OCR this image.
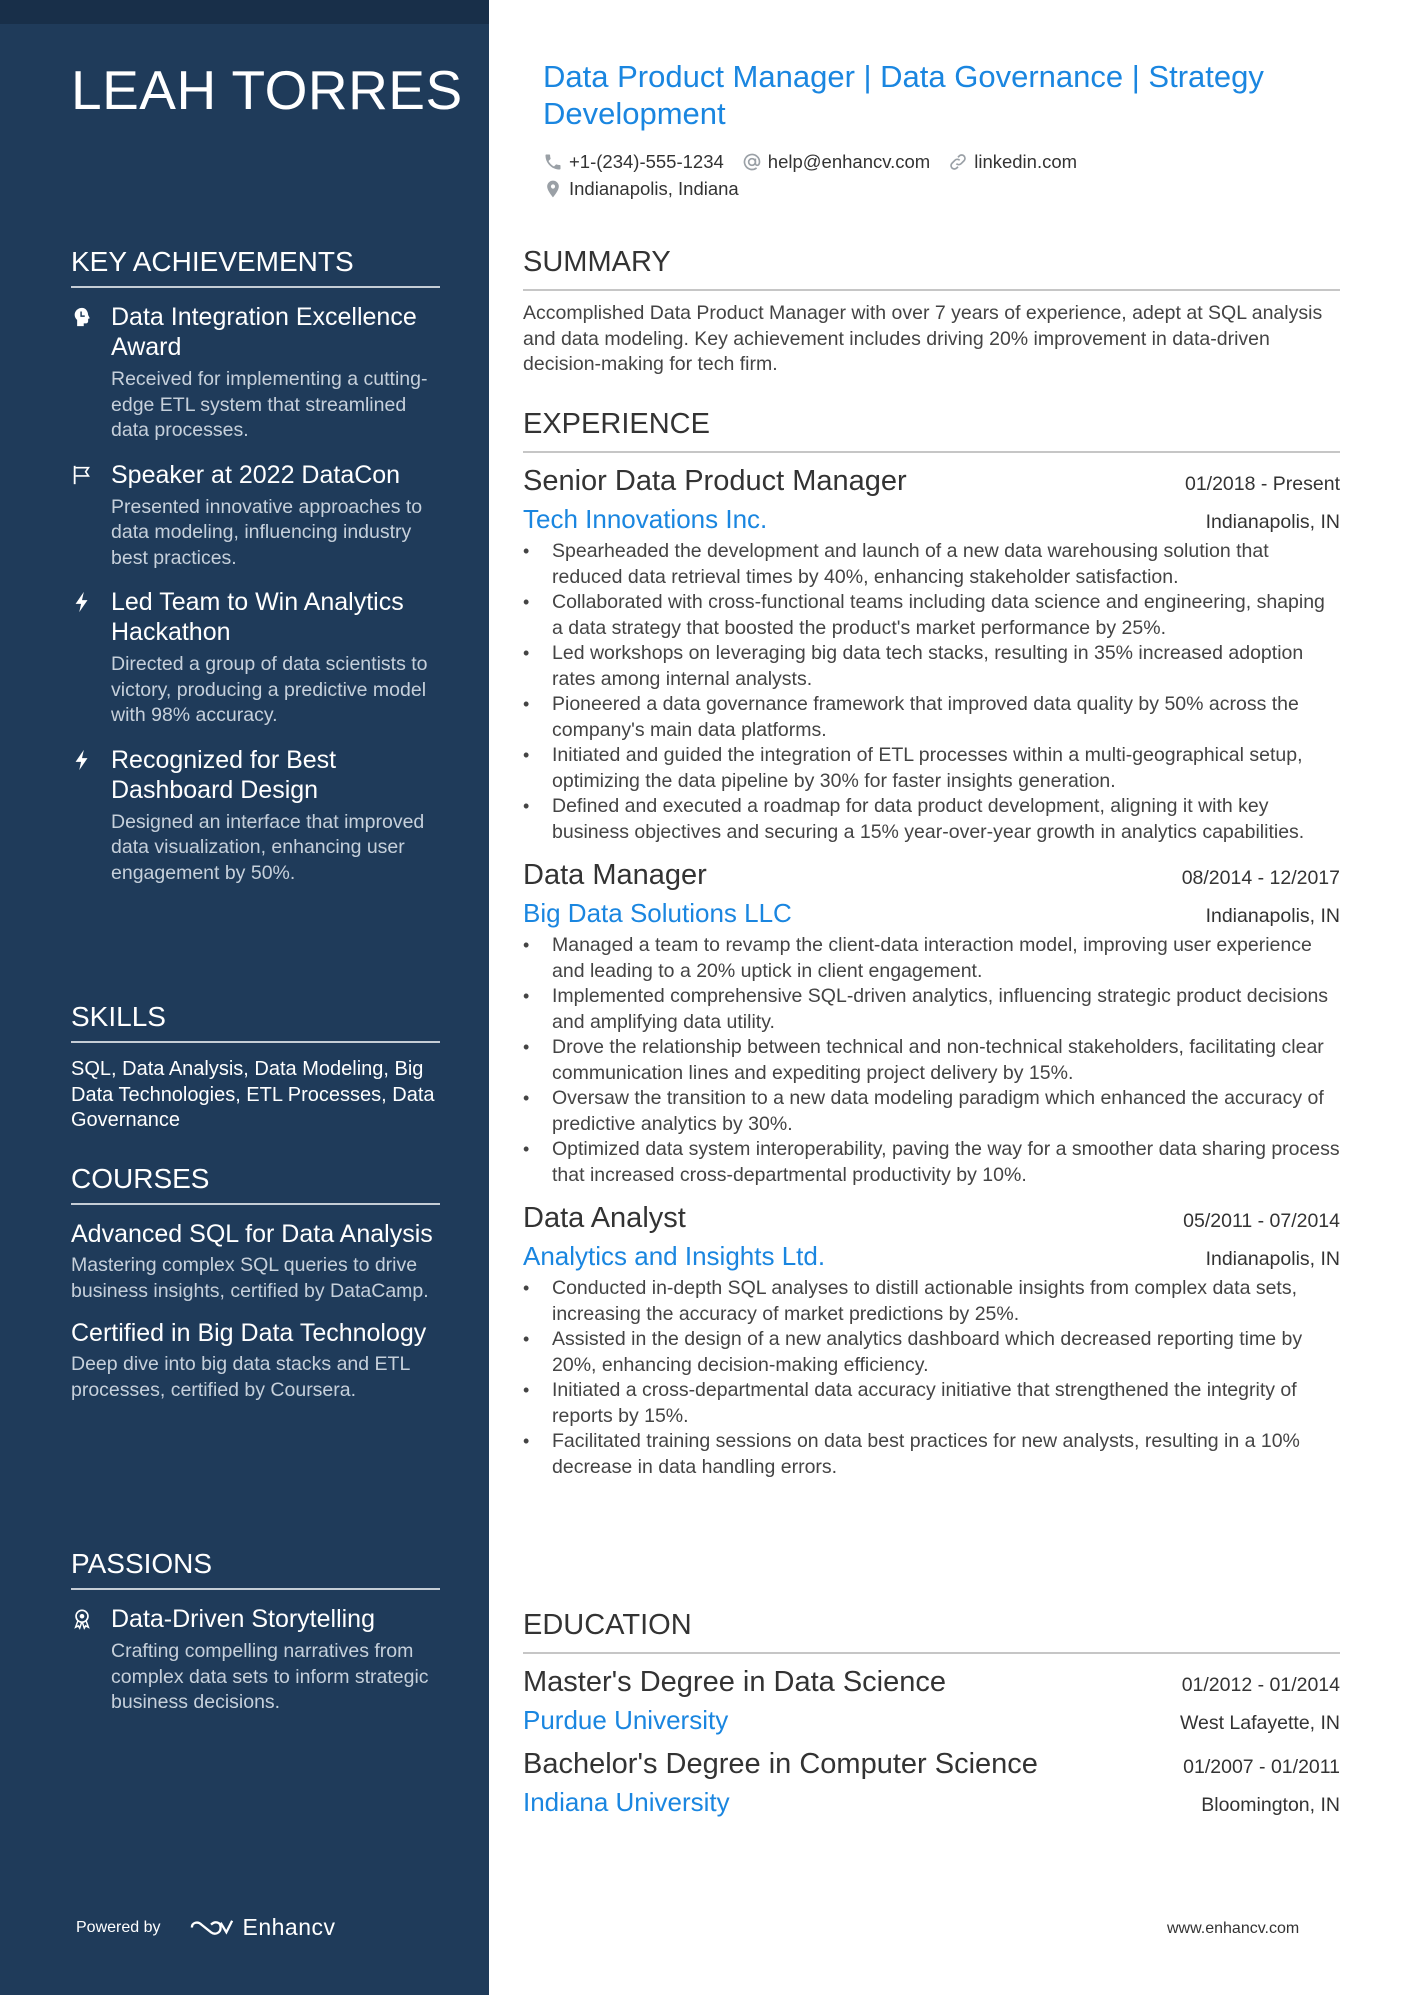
LEAH TORRES
KEY ACHIEVEMENTS
Data Integration Excellence Award
Received for implementing a cutting-edge ETL system that streamlined data processes.
Speaker at 2022 DataCon
Presented innovative approaches to data modeling, influencing industry best practices.
Led Team to Win Analytics Hackathon
Directed a group of data scientists to victory, producing a predictive model with 98% accuracy.
Recognized for Best Dashboard Design
Designed an interface that improved data visualization, enhancing user engagement by 50%.
SKILLS
SQL, Data Analysis, Data Modeling, Big Data Technologies, ETL Processes, Data Governance
COURSES
Advanced SQL for Data Analysis
Mastering complex SQL queries to drive business insights, certified by DataCamp.
Certified in Big Data Technology
Deep dive into big data stacks and ETL processes, certified by Coursera.
PASSIONS
Data-Driven Storytelling
Crafting compelling narratives from complex data sets to inform strategic business decisions.
Powered by	Enhancv
Data Product Manager | Data Governance | Strategy Development
+1-(234)-555-1234 help@enhancv.com linkedin.com
Indianapolis, Indiana
SUMMARY
Accomplished Data Product Manager with over 7 years of experience, adept at SQL analysis and data modeling. Key achievement includes driving 20% improvement in data-driven decision-making for tech firm.
EXPERIENCE
Senior Data Product Manager	01/2018 - Present
Tech Innovations Inc.	Indianapolis, IN
• Spearheaded the development and launch of a new data warehousing solution that reduced data retrieval times by 40%, enhancing stakeholder satisfaction.
• Collaborated with cross-functional teams including data science and engineering, shaping a data strategy that boosted the product's market performance by 25%.
• Led workshops on leveraging big data tech stacks, resulting in 35% increased adoption rates among internal analysts.
• Pioneered a data governance framework that improved data quality by 50% across the company's main data platforms.
• Initiated and guided the integration of ETL processes within a multi-geographical setup, optimizing the data pipeline by 30% for faster insights generation.
• Defined and executed a roadmap for data product development, aligning it with key business objectives and securing a 15% year-over-year growth in analytics capabilities.
Data Manager	08/2014 - 12/2017
Big Data Solutions LLC	Indianapolis, IN
• Managed a team to revamp the client-data interaction model, improving user experience and leading to a 20% uptick in client engagement.
• Implemented comprehensive SQL-driven analytics, influencing strategic product decisions and amplifying data utility.
• Drove the relationship between technical and non-technical stakeholders, facilitating clear communication lines and expediting project delivery by 15%.
• Oversaw the transition to a new data modeling paradigm which enhanced the accuracy of predictive analytics by 30%.
• Optimized data system interoperability, paving the way for a smoother data sharing process that increased cross-departmental productivity by 10%.
Data Analyst	05/2011 - 07/2014
Analytics and Insights Ltd.	Indianapolis, IN
• Conducted in-depth SQL analyses to distill actionable insights from complex data sets, increasing the accuracy of market predictions by 25%.
• Assisted in the design of a new analytics dashboard which decreased reporting time by 20%, enhancing decision-making efficiency.
• Initiated a cross-departmental data accuracy initiative that strengthened the integrity of reports by 15%.
• Facilitated training sessions on data best practices for new analysts, resulting in a 10% decrease in data handling errors.
EDUCATION
Master's Degree in Data Science	01/2012 - 01/2014
Purdue University	West Lafayette, IN
Bachelor's Degree in Computer Science	01/2007 - 01/2011
Indiana University	Bloomington, IN
www.enhancv.com
